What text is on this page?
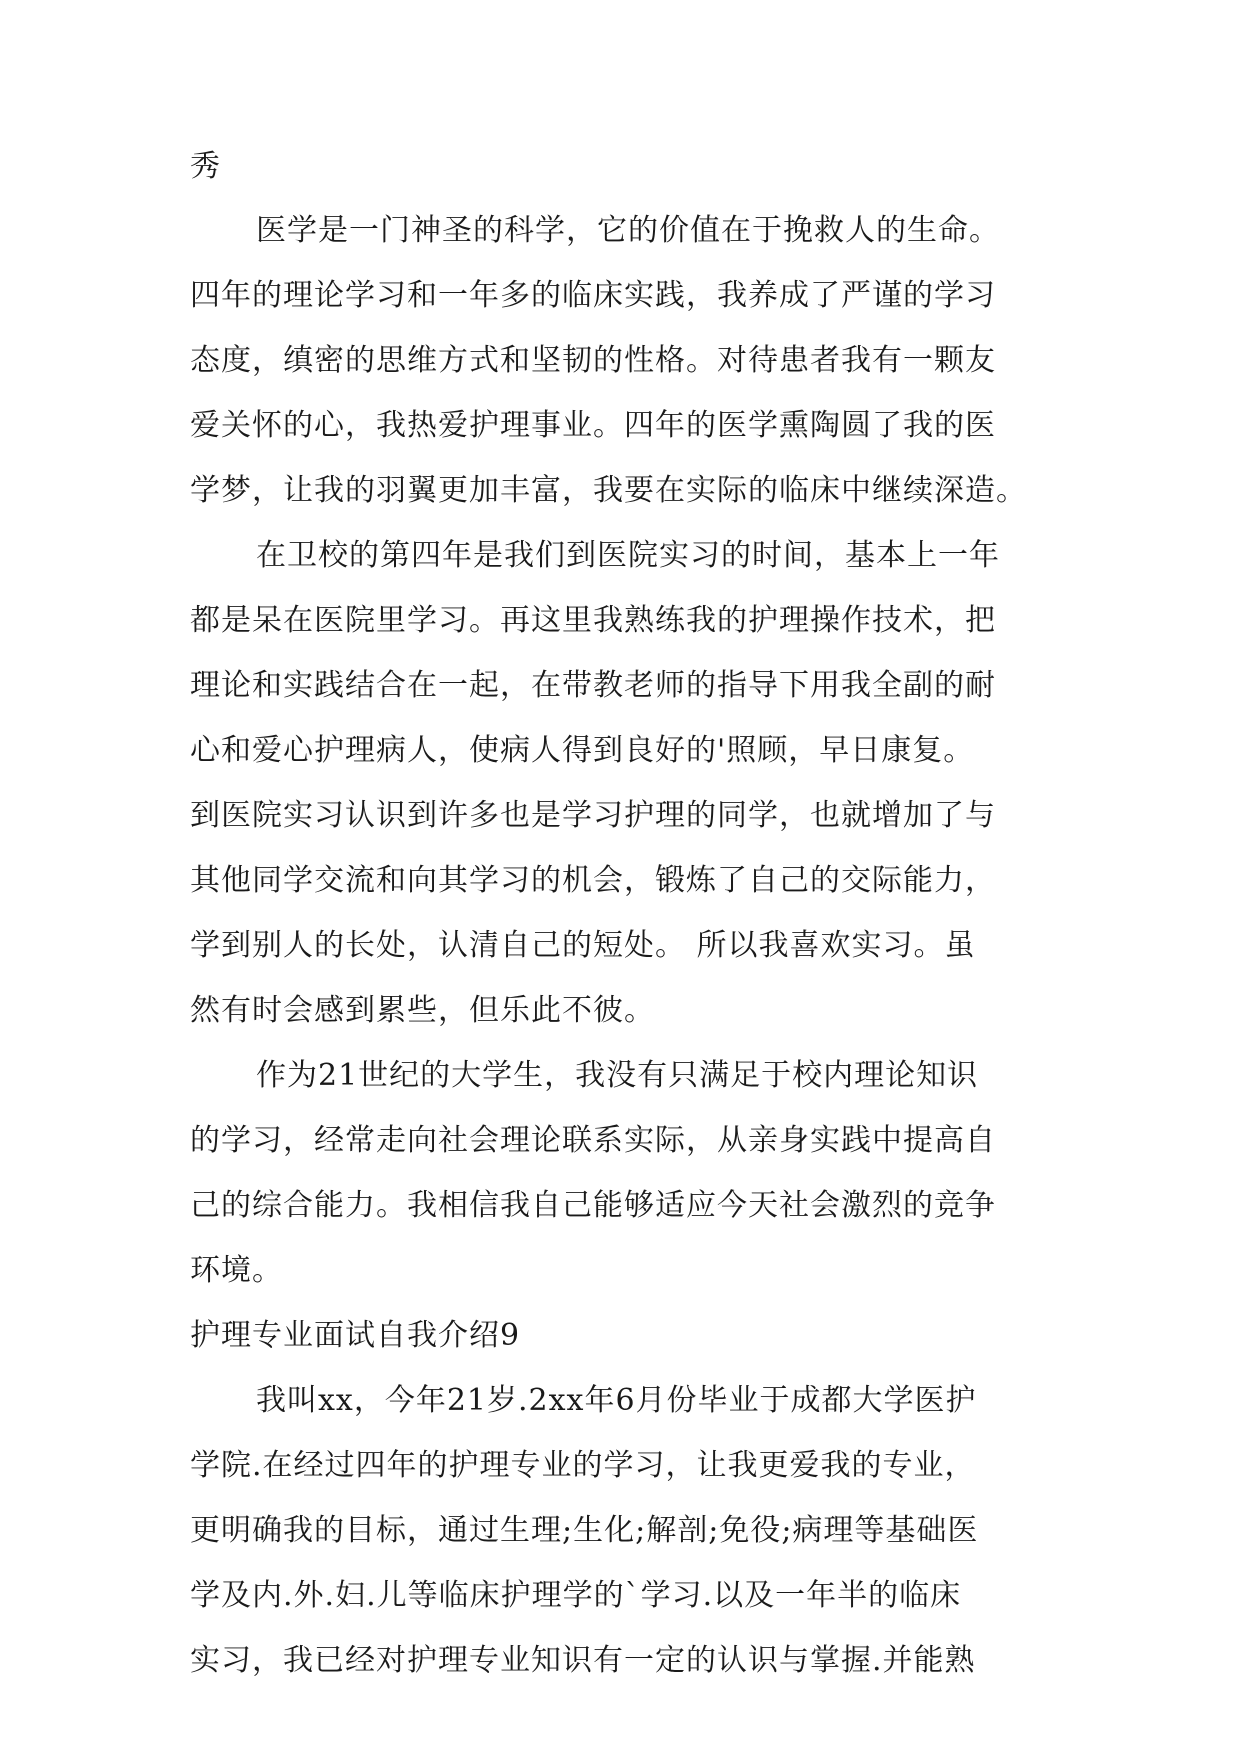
秀
医学是一门神圣的科学，它的价值在于挽救人的生命。
四年的理论学习和一年多的临床实践，我养成了严谨的学习
态度，缜密的思维方式和坚韧的性格。对待患者我有一颗友
爱关怀的心，我热爱护理事业。四年的医学熏陶圆了我的医
学梦，让我的羽翼更加丰富，我要在实际的临床中继续深造。
在卫校的第四年是我们到医院实习的时间，基本上一年
都是呆在医院里学习。再这里我熟练我的护理操作技术，把
理论和实践结合在一起，在带教老师的指导下用我全副的耐
心和爱心护理病人，使病人得到良好的'照顾，早日康复。
到医院实习认识到许多也是学习护理的同学，也就增加了与
其他同学交流和向其学习的机会，锻炼了自己的交际能力，
学到别人的长处，认清自己的短处。 所以我喜欢实习。虽
然有时会感到累些，但乐此不彼。
作为21世纪的大学生，我没有只满足于校内理论知识
的学习，经常走向社会理论联系实际，从亲身实践中提高自
己的综合能力。我相信我自己能够适应今天社会激烈的竞争
环境。
护理专业面试自我介绍9
我叫xx，今年21岁.2xx年6月份毕业于成都大学医护
学院.在经过四年的护理专业的学习，让我更爱我的专业，
更明确我的目标，通过生理;生化;解剖;免役;病理等基础医
学及内.外.妇.儿等临床护理学的`学习.以及一年半的临床
实习，我已经对护理专业知识有一定的认识与掌握.并能熟
